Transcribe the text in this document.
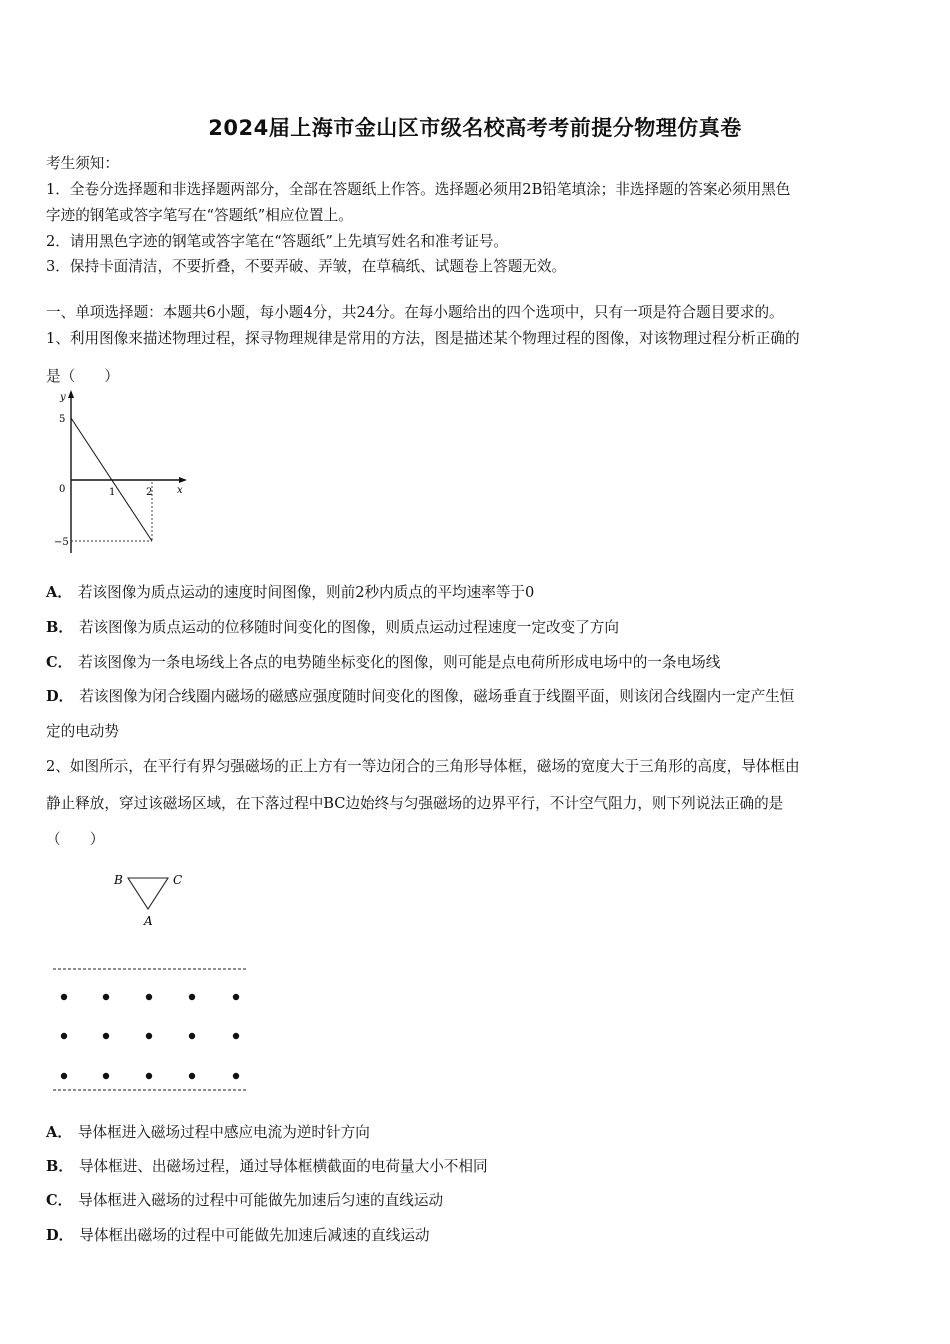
2024届上海市金山区市级名校高考考前提分物理仿真卷
考生须知：
1．全卷分选择题和非选择题两部分，全部在答题纸上作答。选择题必须用2B铅笔填涂；非选择题的答案必须用黑色
字迹的钢笔或答字笔写在“答题纸”相应位置上。
2．请用黑色字迹的钢笔或答字笔在“答题纸”上先填写姓名和准考证号。
3．保持卡面清洁，不要折叠，不要弄破、弄皱，在草稿纸、试题卷上答题无效。
一、单项选择题：本题共6小题，每小题4分，共24分。在每小题给出的四个选项中，只有一项是符合题目要求的。
1、利用图像来描述物理过程，探寻物理规律是常用的方法，图是描述某个物理过程的图像，对该物理过程分析正确的
是（　　）
y
x
0
5
−5
1	2
A． 若该图像为质点运动的速度时间图像，则前2秒内质点的平均速率等于0
B． 若该图像为质点运动的位移随时间变化的图像，则质点运动过程速度一定改变了方向
C． 若该图像为一条电场线上各点的电势随坐标变化的图像，则可能是点电荷所形成电场中的一条电场线
D． 若该图像为闭合线圈内磁场的磁感应强度随时间变化的图像，磁场垂直于线圈平面，则该闭合线圈内一定产生恒
定的电动势
2、如图所示，在平行有界匀强磁场的正上方有一等边闭合的三角形导体框，磁场的宽度大于三角形的高度，导体框由
静止释放，穿过该磁场区域，在下落过程中BC边始终与匀强磁场的边界平行，不计空气阻力，则下列说法正确的是
（　　）
B	C
A
A． 导体框进入磁场过程中感应电流为逆时针方向
B． 导体框进、出磁场过程，通过导体框横截面的电荷量大小不相同
C． 导体框进入磁场的过程中可能做先加速后匀速的直线运动
D． 导体框出磁场的过程中可能做先加速后减速的直线运动
